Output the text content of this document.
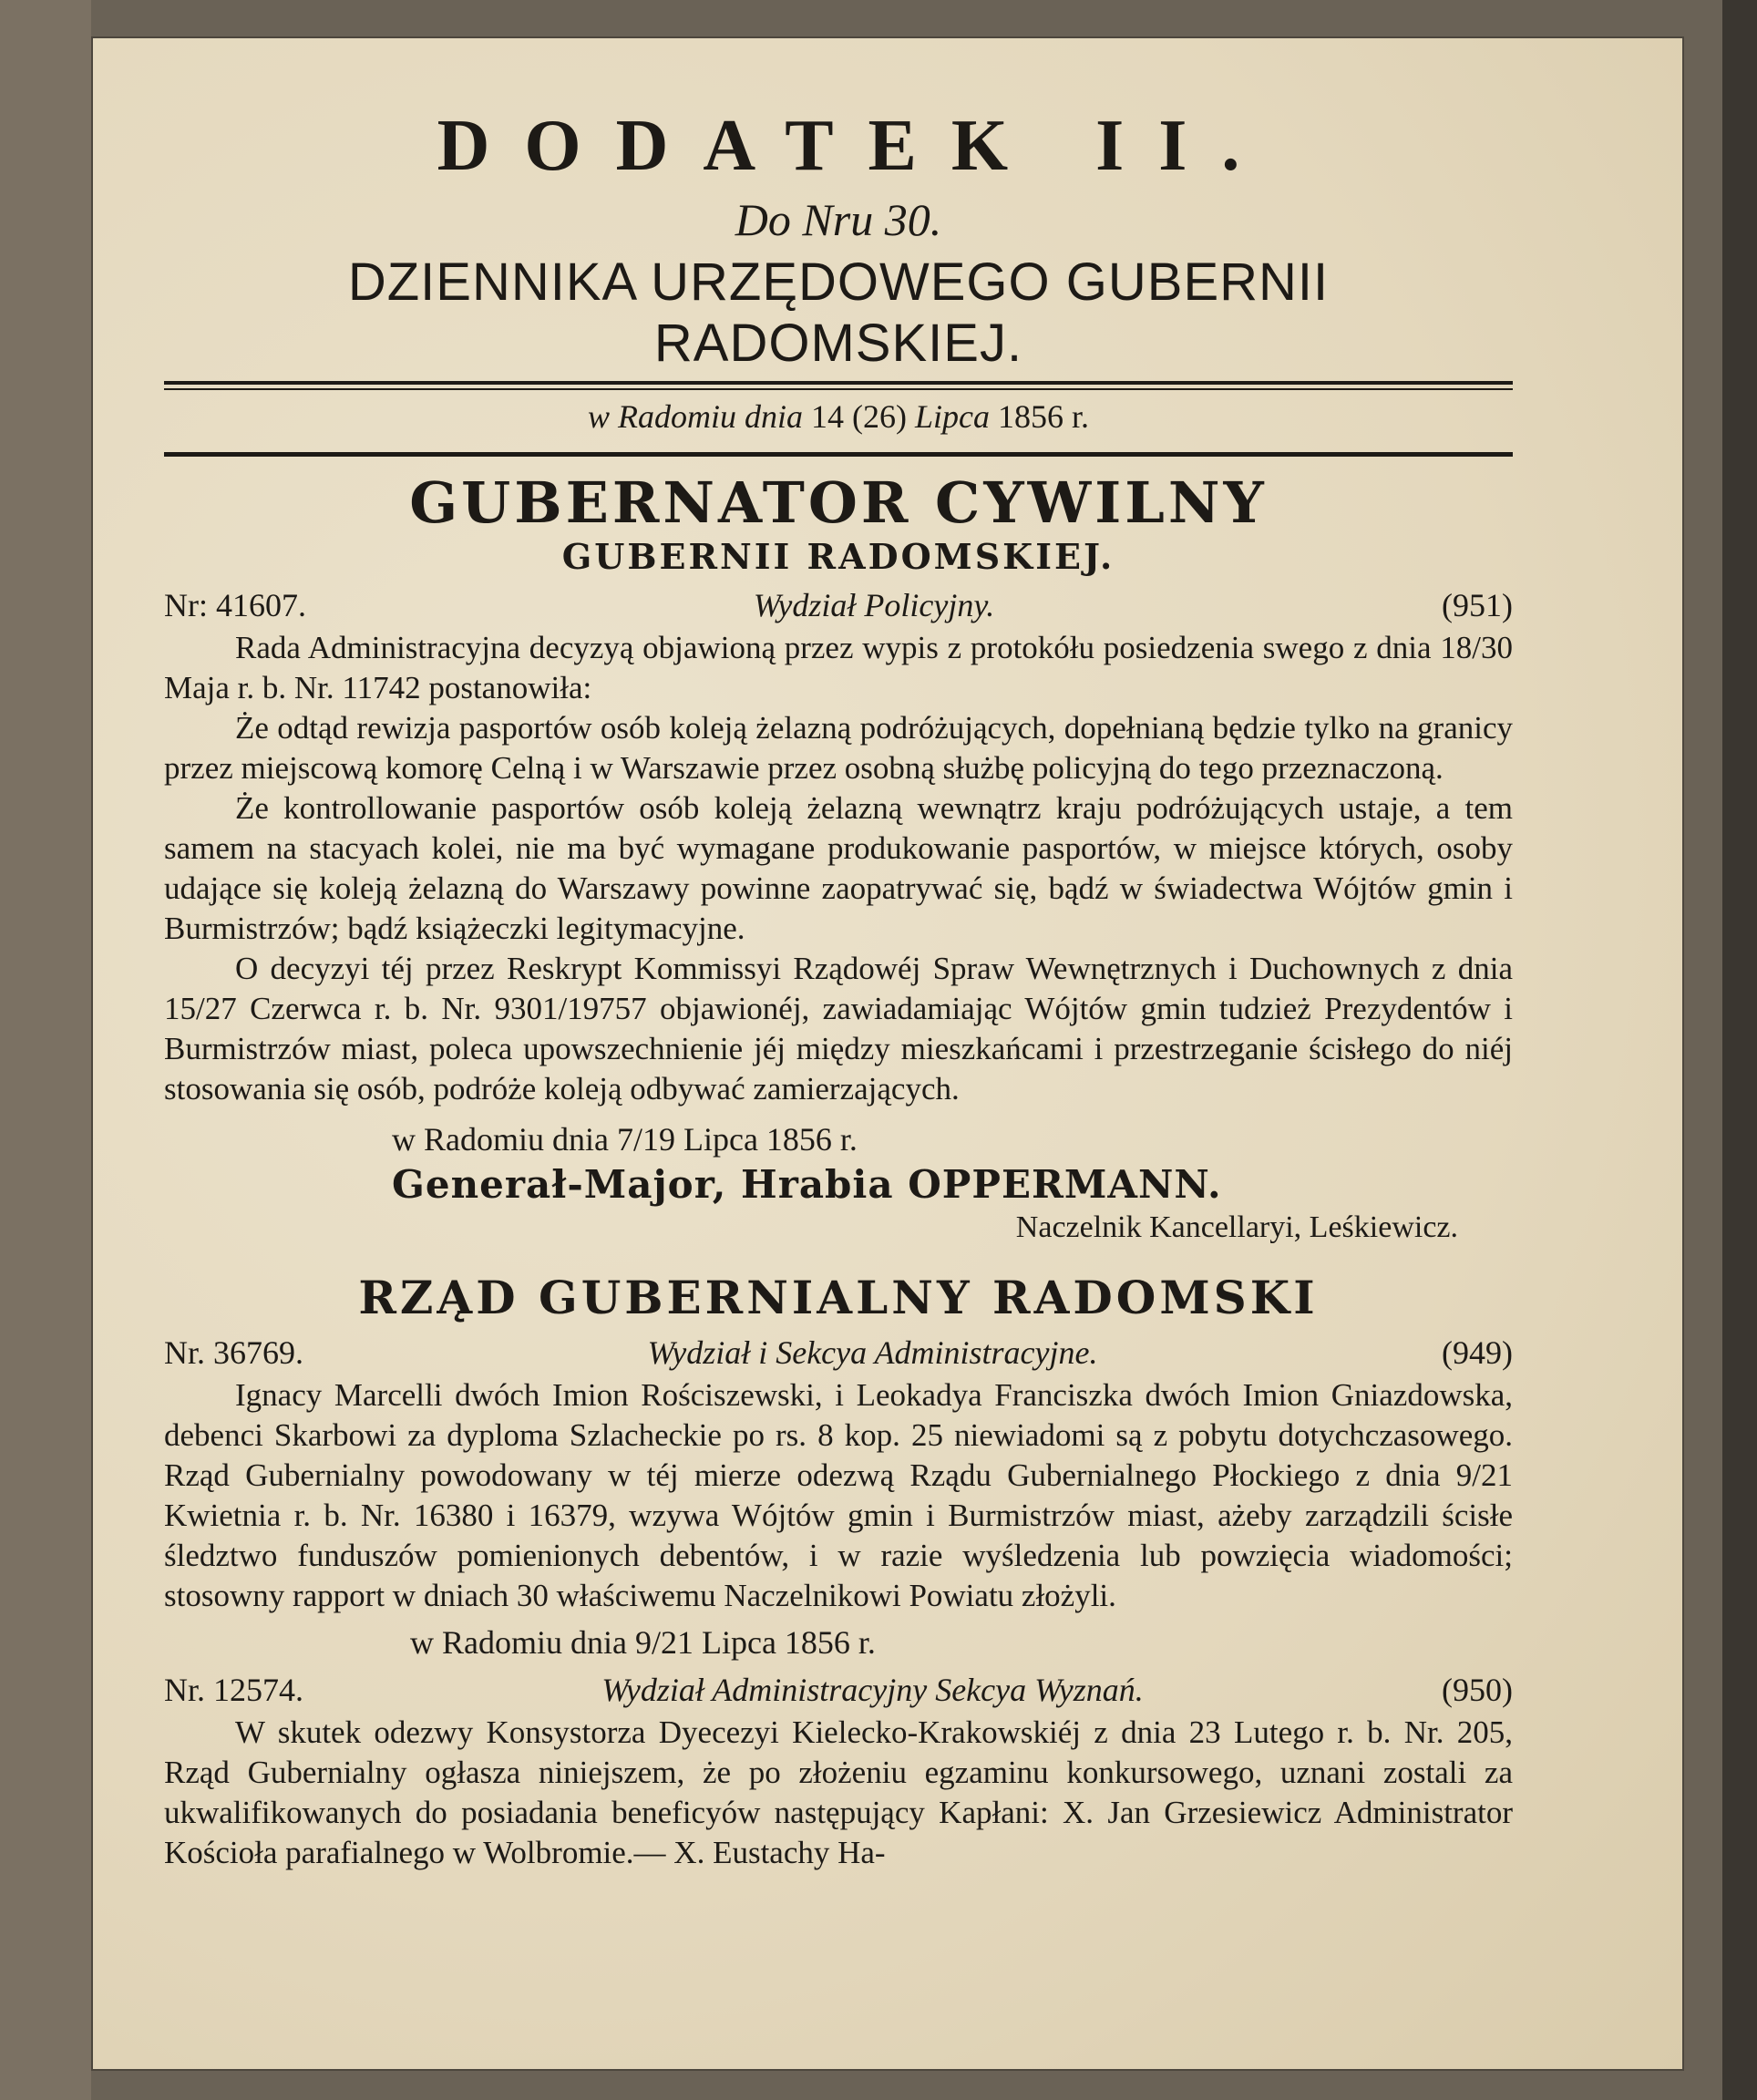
DODATEK II.
Do Nru 30.
DZIENNIKA URZĘDOWEGO GUBERNII RADOMSKIEJ.
w Radomiu dnia 14 (26) Lipca 1856 r.
GUBERNATOR CYWILNY
GUBERNII RADOMSKIEJ.
Nr: 41607.	Wydział Policyjny.	(951)

Rada Administracyjna decyzyą objawioną przez wypis z protokółu posiedzenia swego z dnia 18/30 Maja r. b. Nr. 11742 postanowiła:

Że odtąd rewizja pasportów osób koleją żelazną podróżujących, dopełnianą będzie tylko na granicy przez miejscową komorę Celną i w Warszawie przez osobną służbę policyjną do tego przeznaczoną.

Że kontrollowanie pasportów osób koleją żelazną wewnątrz kraju podróżujących ustaje, a tem samem na stacyach kolei, nie ma być wymagane produkowanie pasportów, w miejsce których, osoby udające się koleją żelazną do Warszawy powinne zaopatrywać się, bądź w świadectwa Wójtów gmin i Burmistrzów; bądź książeczki legitymacyjne.

O decyzyi téj przez Reskrypt Kommissyi Rządowéj Spraw Wewnętrznych i Duchownych z dnia 15/27 Czerwca r. b. Nr. 9301/19757 objawionéj, zawiadamiając Wójtów gmin tudzież Prezydentów i Burmistrzów miast, poleca upowszechnienie jéj między mieszkańcami i przestrzeganie ścisłego do niéj stosowania się osób, podróże koleją odbywać zamierzających.

w Radomiu dnia 7/19 Lipca 1856 r.
Generał-Major, Hrabia OPPERMANN.
Naczelnik Kancellaryi, Leśkiewicz.
RZĄD GUBERNIALNY RADOMSKI
Nr. 36769.	Wydział i Sekcya Administracyjne.	(949)

Ignacy Marcelli dwóch Imion Rościszewski, i Leokadya Franciszka dwóch Imion Gniazdowska, debenci Skarbowi za dyploma Szlacheckie po rs. 8 kop. 25 niewiadomi są z pobytu dotychczasowego. Rząd Gubernialny powodowany w téj mierze odezwą Rządu Gubernialnego Płockiego z dnia 9/21 Kwietnia r. b. Nr. 16380 i 16379, wzywa Wójtów gmin i Burmistrzów miast, ażeby zarządzili ścisłe śledztwo funduszów pomienionych debentów, i w razie wyśledzenia lub powzięcia wiadomości; stosowny rapport w dniach 30 właściwemu Naczelnikowi Powiatu złożyli.

w Radomiu dnia 9/21 Lipca 1856 r.
Nr. 12574.	Wydział Administracyjny Sekcya Wyznań.	(950)

W skutek odezwy Konsystorza Dyecezyi Kielecko-Krakowskiéj z dnia 23 Lutego r. b. Nr. 205, Rząd Gubernialny ogłasza niniejszem, że po złożeniu egzaminu konkursowego, uznani zostali za ukwalifikowanych do posiadania beneficyów następujący Kapłani: X. Jan Grzesiewicz Administrator Kościoła parafialnego w Wolbromie.— X. Eustachy Ha-
